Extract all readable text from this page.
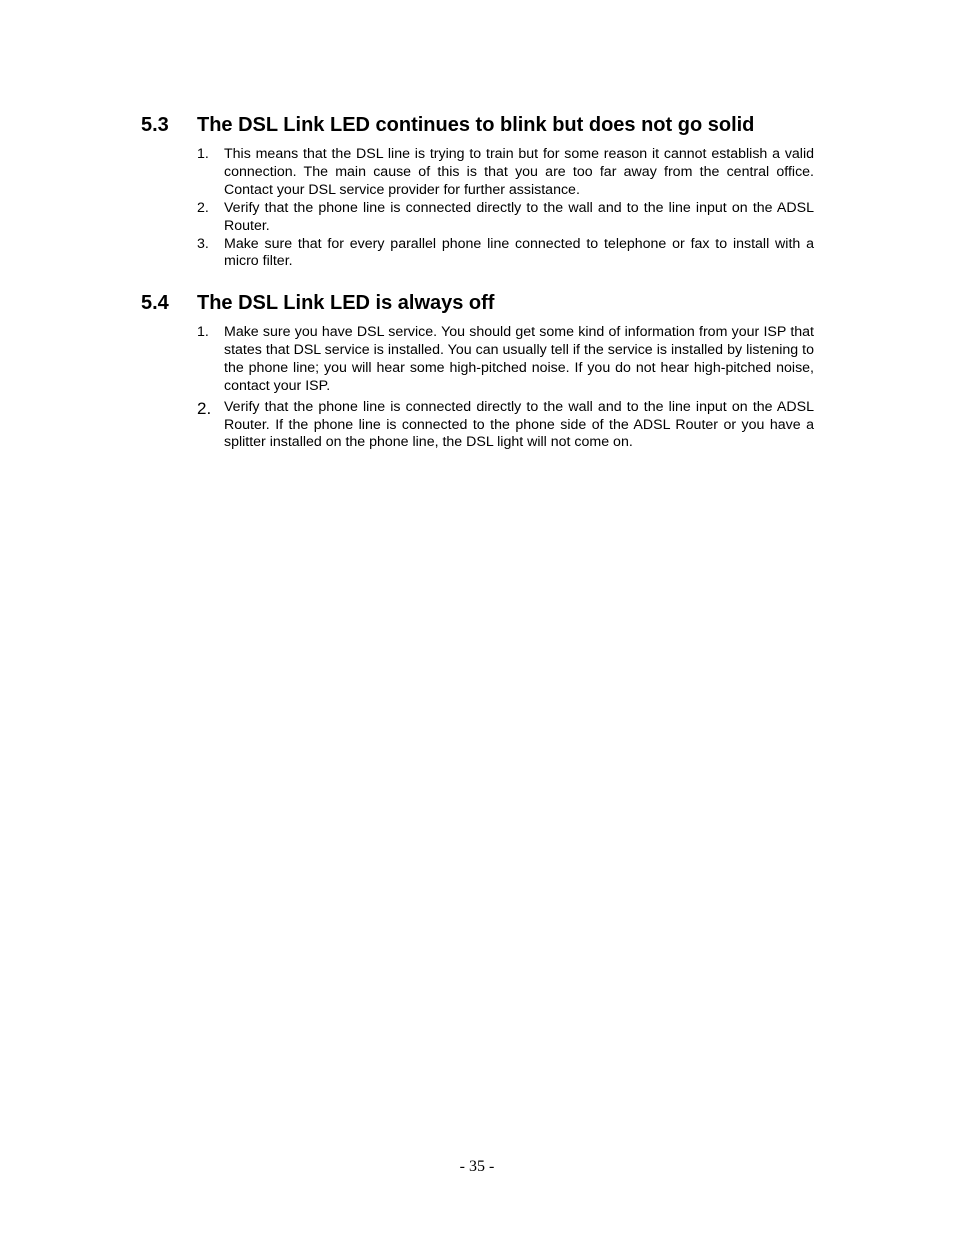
5.3	The DSL Link LED continues to blink but does not go solid
1.	This means that the DSL line is trying to train but for some reason it cannot establish a valid connection. The main cause of this is that you are too far away from the central office. Contact your DSL service provider for further assistance.
2.	Verify that the phone line is connected directly to the wall and to the line input on the ADSL Router.
3.	Make sure that for every parallel phone line connected to telephone or fax to install with a micro filter.
5.4	The DSL Link LED is always off
1.	Make sure you have DSL service. You should get some kind of information from your ISP that states that DSL service is installed. You can usually tell if the service is installed by listening to the phone line; you will hear some high-pitched noise. If you do not hear high-pitched noise, contact your ISP.
2. Verify that the phone line is connected directly to the wall and to the line input on the ADSL Router. If the phone line is connected to the phone side of the ADSL Router or you have a splitter installed on the phone line, the DSL light will not come on.
- 35 -
